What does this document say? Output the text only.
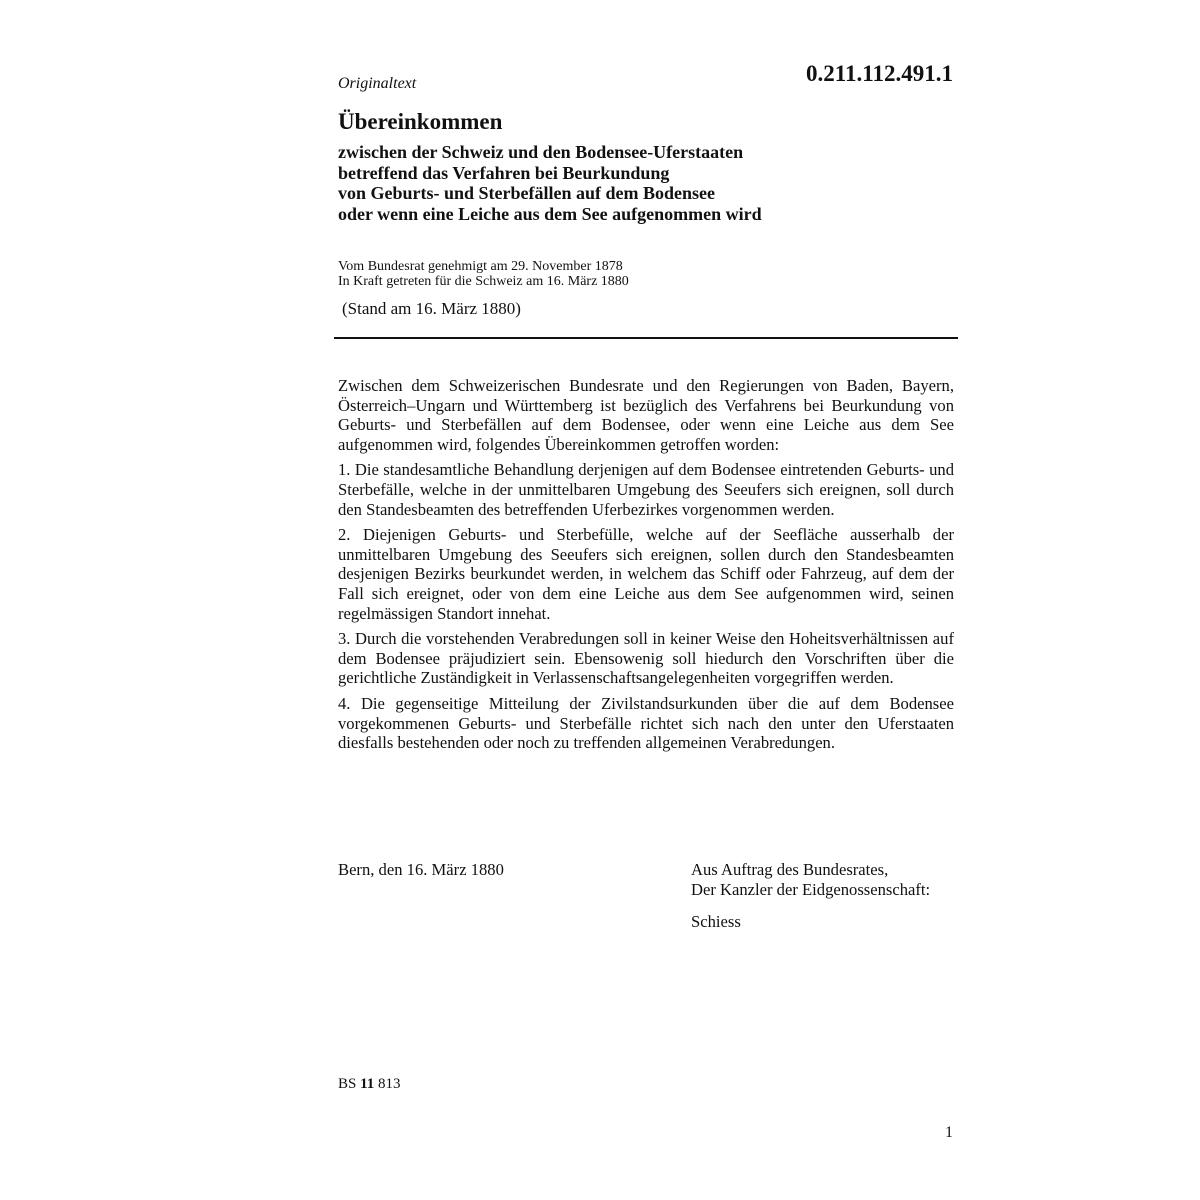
Originaltext	0.211.112.491.1
Übereinkommen
zwischen der Schweiz und den Bodensee-Uferstaaten
betreffend das Verfahren bei Beurkundung
von Geburts- und Sterbefällen auf dem Bodensee
oder wenn eine Leiche aus dem See aufgenommen wird
Vom Bundesrat genehmigt am 29. November 1878
In Kraft getreten für die Schweiz am 16. März 1880
(Stand am 16. März 1880)

Zwischen dem Schweizerischen Bundesrate und den Regierungen von Baden, Bayern, Österreich–Ungarn und Württemberg ist bezüglich des Verfahrens bei Beurkundung von Geburts- und Sterbefällen auf dem Bodensee, oder wenn eine Leiche aus dem See aufgenommen wird, folgendes Übereinkommen getroffen worden:

1. Die standesamtliche Behandlung derjenigen auf dem Bodensee eintretenden Geburts- und Sterbefälle, welche in der unmittelbaren Umgebung des Seeufers sich ereignen, soll durch den Standesbeamten des betreffenden Uferbezirkes vorgenommen werden.

2. Diejenigen Geburts- und Sterbefülle, welche auf der Seefläche ausserhalb der unmittelbaren Umgebung des Seeufers sich ereignen, sollen durch den Standesbeamten desjenigen Bezirks beurkundet werden, in welchem das Schiff oder Fahrzeug, auf dem der Fall sich ereignet, oder von dem eine Leiche aus dem See aufgenommen wird, seinen regelmässigen Standort innehat.

3. Durch die vorstehenden Verabredungen soll in keiner Weise den Hoheitsverhältnissen auf dem Bodensee präjudiziert sein. Ebensowenig soll hiedurch den Vorschriften über die gerichtliche Zuständigkeit in Verlassenschaftsangelegenheiten vorgegriffen werden.

4. Die gegenseitige Mitteilung der Zivilstandsurkunden über die auf dem Bodensee vorgekommenen Geburts- und Sterbefälle richtet sich nach den unter den Uferstaaten diesfalls bestehenden oder noch zu treffenden allgemeinen Verabredungen.

Bern, den 16. März 1880	Aus Auftrag des Bundesrates,
Der Kanzler der Eidgenossenschaft:
Schiess
BS 11 813
1
